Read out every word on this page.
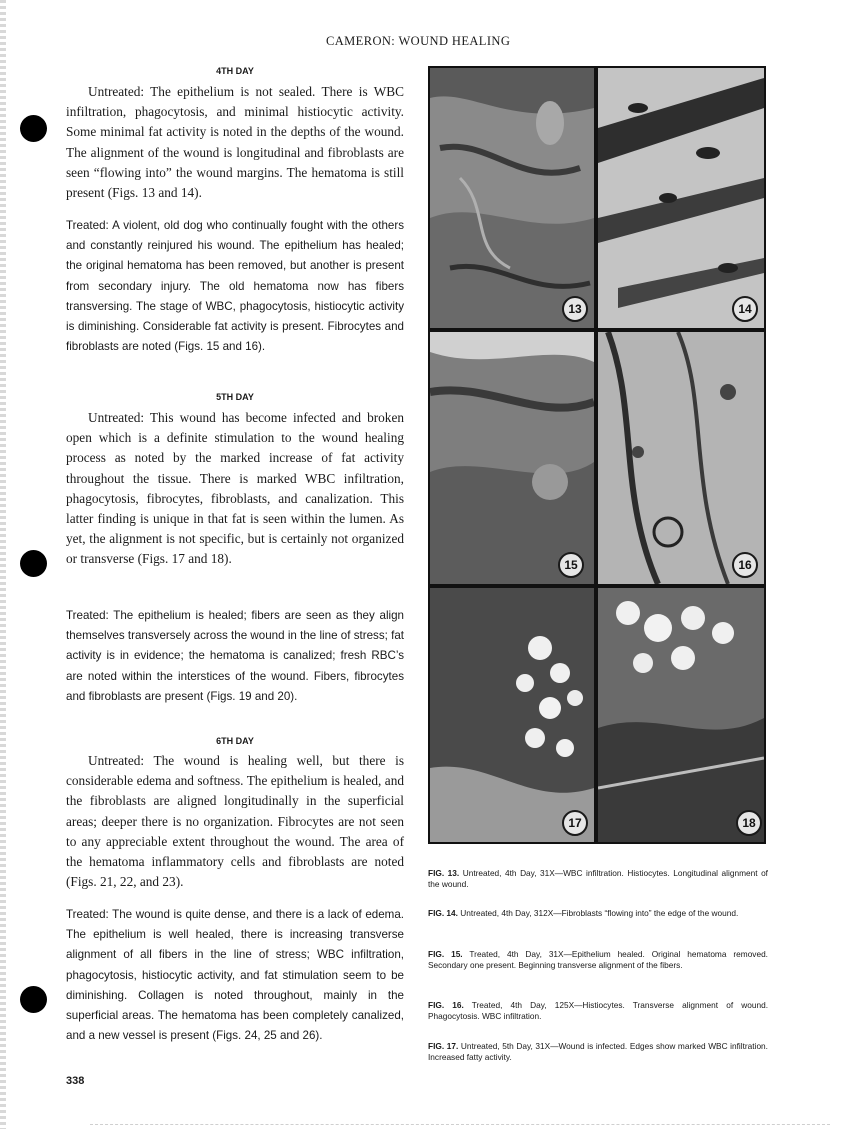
CAMERON: WOUND HEALING
4TH DAY

Untreated: The epithelium is not sealed. There is WBC infiltration, phagocytosis, and minimal histiocytic activity. Some minimal fat activity is noted in the depths of the wound. The alignment of the wound is longitudinal and fibroblasts are seen “flowing into” the wound margins. The hematoma is still present (Figs. 13 and 14).

Treated: A violent, old dog who continually fought with the others and constantly reinjured his wound. The epithelium has healed; the original hematoma has been removed, but another is present from secondary injury. The old hematoma now has fibers transversing. The stage of WBC, phagocytosis, histiocytic activity is diminishing. Considerable fat activity is present. Fibrocytes and fibroblasts are noted (Figs. 15 and 16).

5TH DAY

Untreated: This wound has become infected and broken open which is a definite stimulation to the wound healing process as noted by the marked increase of fat activity throughout the tissue. There is marked WBC infiltration, phagocytosis, fibrocytes, fibroblasts, and canalization. This latter finding is unique in that fat is seen within the lumen. As yet, the alignment is not specific, but is certainly not organized or transverse (Figs. 17 and 18).

Treated: The epithelium is healed; fibers are seen as they align themselves transversely across the wound in the line of stress; fat activity is in evidence; the hematoma is canalized; fresh RBC’s are noted within the interstices of the wound. Fibers, fibrocytes and fibroblasts are present (Figs. 19 and 20).

6TH DAY

Untreated: The wound is healing well, but there is considerable edema and softness. The epithelium is healed, and the fibroblasts are aligned longitudinally in the superficial areas; deeper there is no organization. Fibrocytes are not seen to any appreciable extent throughout the wound. The area of the hematoma inflammatory cells and fibroblasts are noted (Figs. 21, 22, and 23).

Treated: The wound is quite dense, and there is a lack of edema. The epithelium is well healed, there is increasing transverse alignment of all fibers in the line of stress; WBC infiltration, phagocytosis, histiocytic activity, and fat stimulation seem to be diminishing. Collagen is noted throughout, mainly in the superficial areas. The hematoma has been completely canalized, and a new vessel is present (Figs. 24, 25 and 26).

338
13	14
15	16
17	18

FIG. 13. Untreated, 4th Day, 31X—WBC infiltration. Histiocytes. Longitudinal alignment of the wound.

FIG. 14. Untreated, 4th Day, 312X—Fibroblasts “flowing into” the edge of the wound.

FIG. 15. Treated, 4th Day, 31X—Epithelium healed. Original hematoma removed. Secondary one present. Beginning transverse alignment of the fibers.

FIG. 16. Treated, 4th Day, 125X—Histiocytes. Transverse alignment of wound. Phagocytosis. WBC infiltration.

FIG. 17. Untreated, 5th Day, 31X—Wound is infected. Edges show marked WBC infiltration. Increased fatty activity.
